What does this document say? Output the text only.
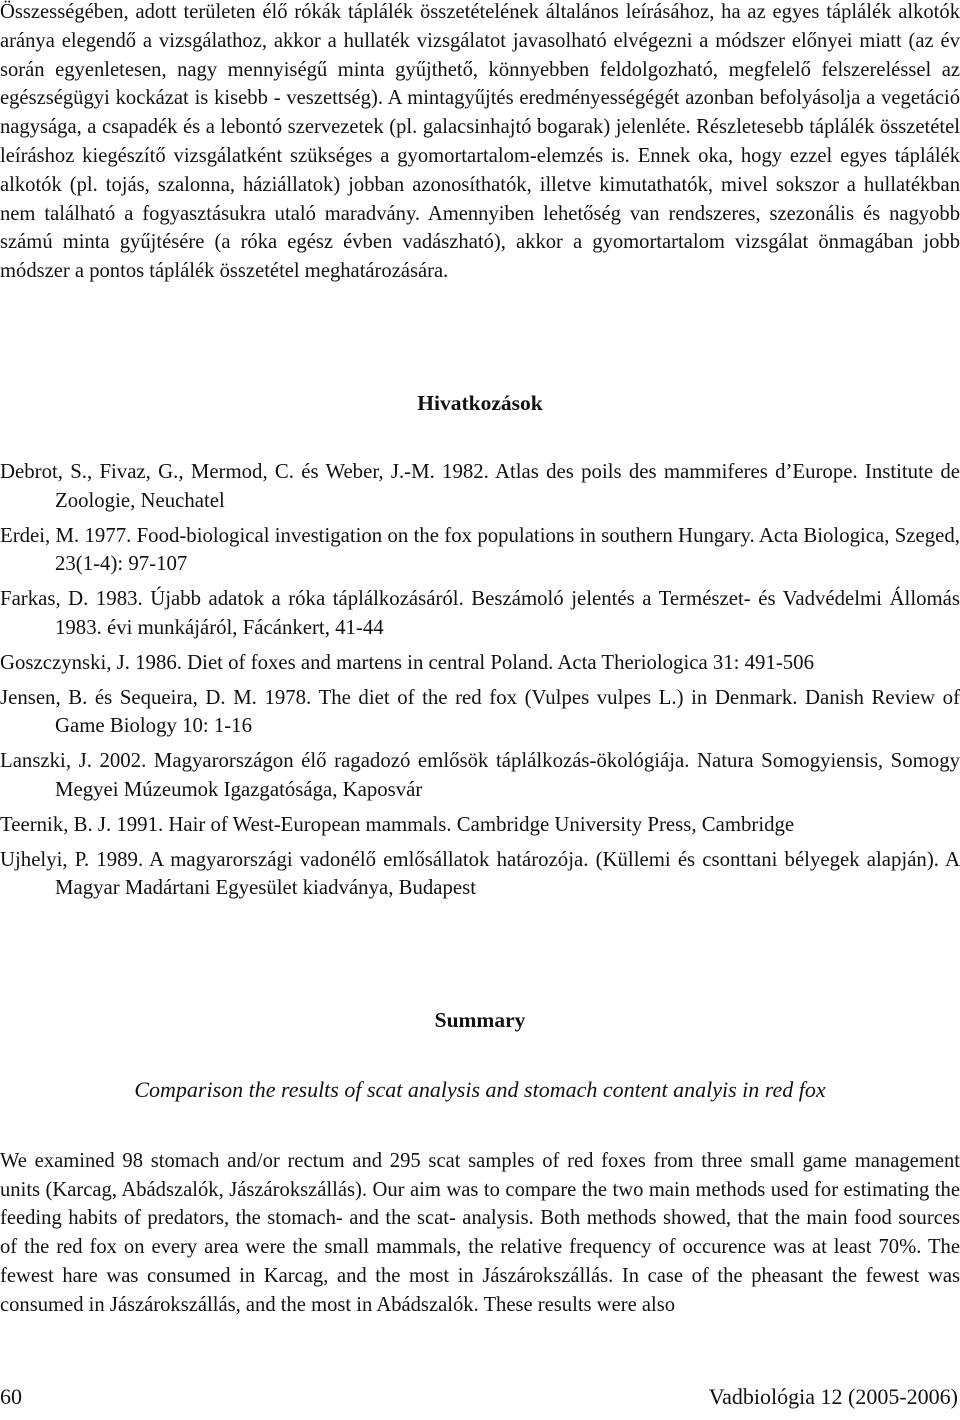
Összességében, adott területen élő rókák táplálék összetételének általános leírásához, ha az egyes táplálék alkotók aránya elegendő a vizsgálathoz, akkor a hullaték vizsgálatot javasolható elvégezni a módszer előnyei miatt (az év során egyenletesen, nagy mennyiségű minta gyűjthető, könnyebben feldolgozható, megfelelő felszereléssel az egészségügyi kockázat is kisebb - veszettség). A mintagyűjtés eredményességégét azonban befolyásolja a vegetáció nagysága, a csapadék és a lebontó szervezetek (pl. galacsinhajtó bogarak) jelenléte. Részletesebb táplálék összetétel leíráshoz kiegészítő vizsgálatként szükséges a gyomortartalom-elemzés is. Ennek oka, hogy ezzel egyes táplálék alkotók (pl. tojás, szalonna, háziállatok) jobban azonosíthatók, illetve kimutathatók, mivel sokszor a hullatékban nem található a fogyasztásukra utaló maradvány. Amennyiben lehetőség van rendszeres, szezonális és nagyobb számú minta gyűjtésére (a róka egész évben vadászható), akkor a gyomortartalom vizsgálat önmagában jobb módszer a pontos táplálék összetétel meghatározására.

Hivatkozások
Debrot, S., Fivaz, G., Mermod, C. és Weber, J.-M. 1982. Atlas des poils des mammiferes d’Europe. Institute de Zoologie, Neuchatel
Erdei, M. 1977. Food-biological investigation on the fox populations in southern Hungary. Acta Biologica, Szeged, 23(1-4): 97-107
Farkas, D. 1983. Újabb adatok a róka táplálkozásáról. Beszámoló jelentés a Természet- és Vadvédelmi Állomás 1983. évi munkájáról, Fácánkert, 41-44
Goszczynski, J. 1986. Diet of foxes and martens in central Poland. Acta Theriologica 31: 491-506
Jensen, B. és Sequeira, D. M. 1978. The diet of the red fox (Vulpes vulpes L.) in Denmark. Danish Review of Game Biology 10: 1-16
Lanszki, J. 2002. Magyarországon élő ragadozó emlősök táplálkozás-ökológiája. Natura Somogyiensis, Somogy Megyei Múzeumok Igazgatósága, Kaposvár
Teernik, B. J. 1991. Hair of West-European mammals. Cambridge University Press, Cambridge
Ujhelyi, P. 1989. A magyarországi vadonélő emlősállatok határozója. (Küllemi és csonttani bélyegek alapján). A Magyar Madártani Egyesület kiadványa, Budapest
Summary

Comparison the results of scat analysis and stomach content analyis in red fox

We examined 98 stomach and/or rectum and 295 scat samples of red foxes from three small game management units (Karcag, Abádszalók, Jászárokszállás). Our aim was to compare the two main methods used for estimating the feeding habits of predators, the stomach- and the scat- analysis. Both methods showed, that the main food sources of the red fox on every area were the small mammals, the relative frequency of occurence was at least 70%. The fewest hare was consumed in Karcag, and the most in Jászárokszállás. In case of the pheasant the fewest was consumed in Jászárokszállás, and the most in Abádszalók. These results were also

60	Vadbiológia 12 (2005-2006)
